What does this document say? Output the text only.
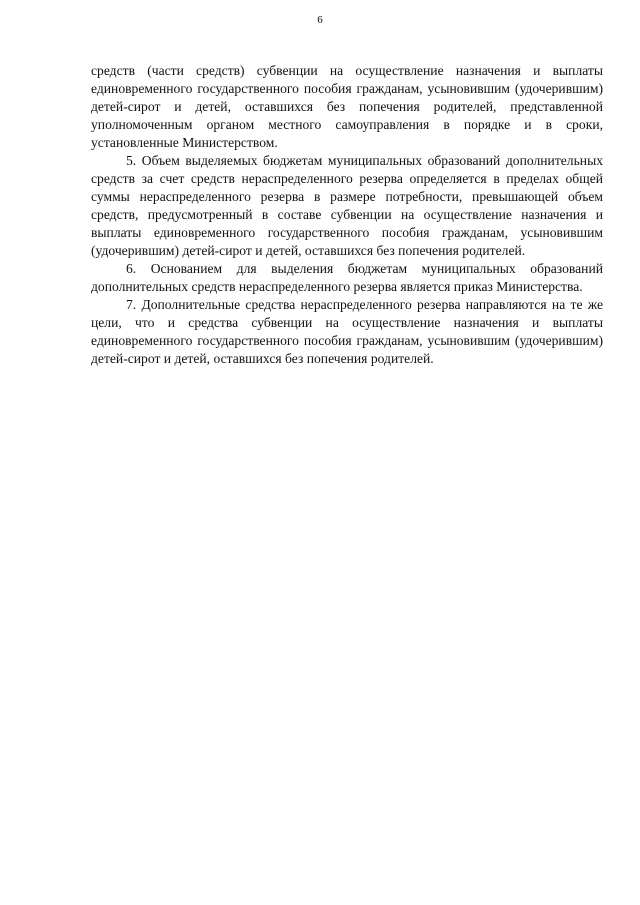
6

средств (части средств) субвенции на осуществление назначения и выплаты единовременного государственного пособия гражданам, усыновившим (удочерившим) детей-сирот и детей, оставшихся без попечения родителей, представленной уполномоченным органом местного самоуправления в порядке и в сроки, установленные Министерством.

5. Объем выделяемых бюджетам муниципальных образований дополнительных средств за счет средств нераспределенного резерва определяется в пределах общей суммы нераспределенного резерва в размере потребности, превышающей объем средств, предусмотренный в составе субвенции на осуществление назначения и выплаты единовременного государственного пособия гражданам, усыновившим (удочерившим) детей-сирот и детей, оставшихся без попечения родителей.

6. Основанием для выделения бюджетам муниципальных образований дополнительных средств нераспределенного резерва является приказ Министерства.

7. Дополнительные средства нераспределенного резерва направляются на те же цели, что и средства субвенции на осуществление назначения и выплаты единовременного государственного пособия гражданам, усыновившим (удочерившим) детей-сирот и детей, оставшихся без попечения родителей.
